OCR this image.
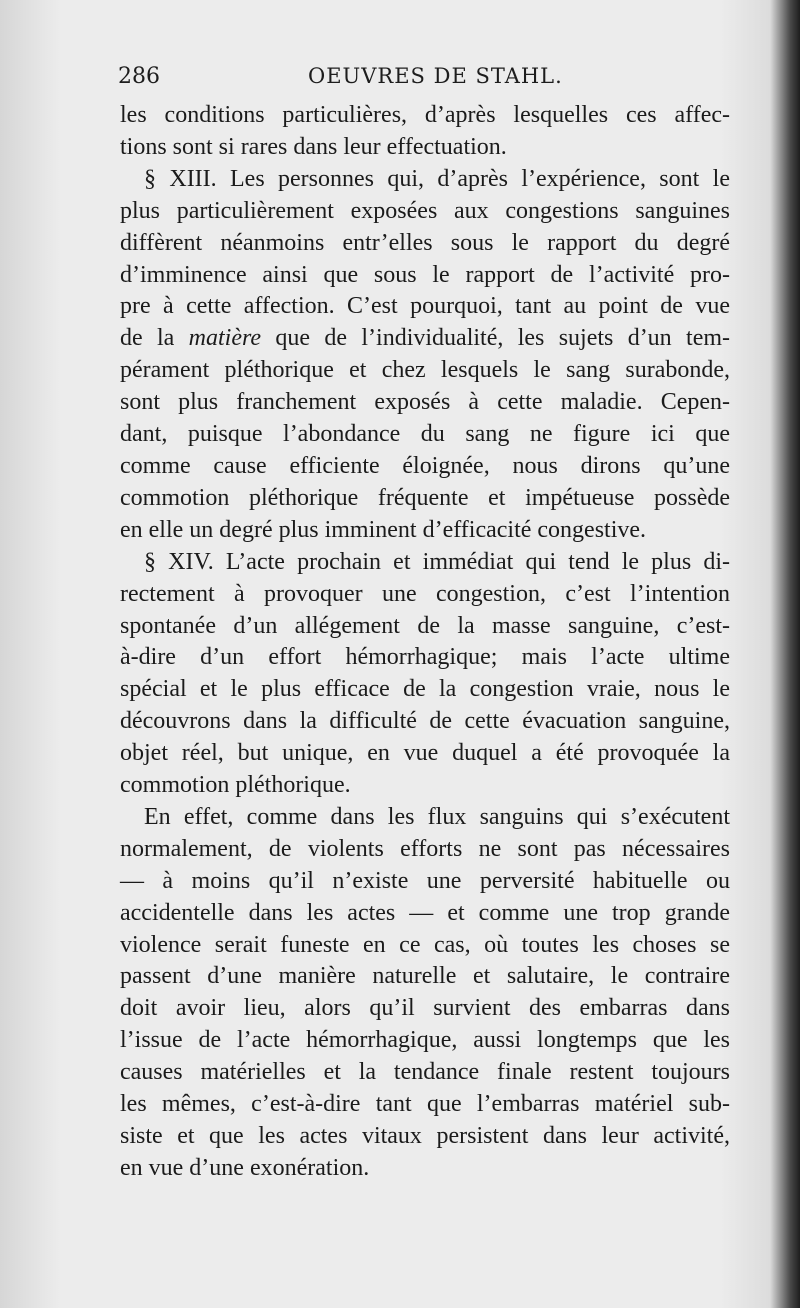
286	OEUVRES DE STAHL.
les conditions particulières, d’après lesquelles ces affec-
tions sont si rares dans leur effectuation.
§ XIII. Les personnes qui, d’après l’expérience, sont le
plus particulièrement exposées aux congestions sanguines
diffèrent néanmoins entr’elles sous le rapport du degré
d’imminence ainsi que sous le rapport de l’activité pro-
pre à cette affection. C’est pourquoi, tant au point de vue
de la matière que de l’individualité, les sujets d’un tem-
pérament pléthorique et chez lesquels le sang surabonde,
sont plus franchement exposés à cette maladie. Cepen-
dant, puisque l’abondance du sang ne figure ici que
comme cause efficiente éloignée, nous dirons qu’une
commotion pléthorique fréquente et impétueuse possède
en elle un degré plus imminent d’efficacité congestive.
§ XIV. L’acte prochain et immédiat qui tend le plus di-
rectement à provoquer une congestion, c’est l’intention
spontanée d’un allégement de la masse sanguine, c’est-
à-dire d’un effort hémorrhagique; mais l’acte ultime
spécial et le plus efficace de la congestion vraie, nous le
découvrons dans la difficulté de cette évacuation sanguine,
objet réel, but unique, en vue duquel a été provoquée la
commotion pléthorique.
En effet, comme dans les flux sanguins qui s’exécutent
normalement, de violents efforts ne sont pas nécessaires
— à moins qu’il n’existe une perversité habituelle ou
accidentelle dans les actes — et comme une trop grande
violence serait funeste en ce cas, où toutes les choses se
passent d’une manière naturelle et salutaire, le contraire
doit avoir lieu, alors qu’il survient des embarras dans
l’issue de l’acte hémorrhagique, aussi longtemps que les
causes matérielles et la tendance finale restent toujours
les mêmes, c’est-à-dire tant que l’embarras matériel sub-
siste et que les actes vitaux persistent dans leur activité,
en vue d’une exonération.
